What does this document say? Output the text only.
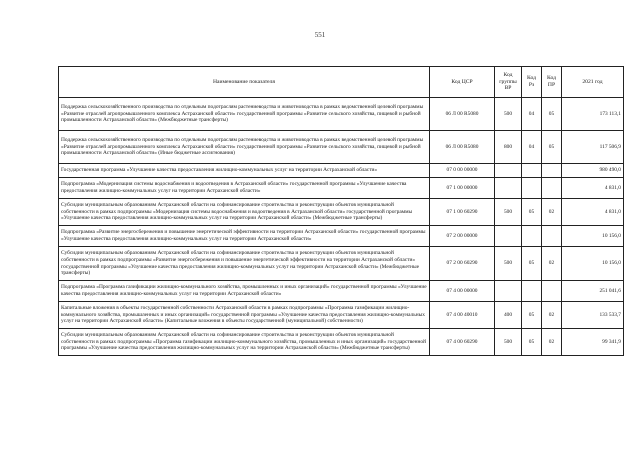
551
Наименование показателя	Код ЦСР	Код группы ВР	Код Рз	Код ПР	2021 год
Поддержка сельскохозяйственного производства по отдельным подотраслям растениеводства и животноводства в рамках ведомственной целевой программы «Развитие отраслей агропромышленного комплекса Астраханской области» государственной программы «Развитие сельского хозяйства, пищевой и рыбной промышленности Астраханской области» (Межбюджетные трансферты)	06 Л 00 R5080	500	04	05	173 113,1
Поддержка сельскохозяйственного производства по отдельным подотраслям растениеводства и животноводства в рамках ведомственной целевой программы «Развитие отраслей агропромышленного комплекса Астраханской области» государственной программы «Развитие сельского хозяйства, пищевой и рыбной промышленности Астраханской области» (Иные бюджетные ассигнования)	06 Л 00 R5080	800	04	05	117 506,9
Государственная программа «Улучшение качества предоставления жилищно-коммунальных услуг на территории Астраханской области»	07 0 00 00000				980 490,0
Подпрограмма «Модернизация системы водоснабжения и водоотведения в Астраханской области» государственной программы «Улучшение качества предоставления жилищно-коммунальных услуг на территории Астраханской области»	07 1 00 00000				4 831,0
Субсидии муниципальным образованиям Астраханской области на софинансирование строительства и реконструкции объектов муниципальной собственности в рамках подпрограммы «Модернизация системы водоснабжения и водоотведения в Астраханской области» государственной программы «Улучшение качества предоставления жилищно-коммунальных услуг на территории Астраханской области» (Межбюджетные трансферты)	07 1 00 60290	500	05	02	4 831,0
Подпрограмма «Развитие энергосбережения и повышение энергетической эффективности на территории Астраханской области» государственной программы «Улучшение качества предоставления жилищно-коммунальных услуг на территории Астраханской области»	07 2 00 00000				10 156,0
Субсидии муниципальным образованиям Астраханской области на софинансирование строительства и реконструкции объектов муниципальной собственности в рамках подпрограммы «Развитие энергосбережения и повышение энергетической эффективности на территории Астраханской области» государственной программы «Улучшение качества предоставления жилищно-коммунальных услуг на территории Астраханской области» (Межбюджетные трансферты)	07 2 00 60290	500	05	02	10 156,0
Подпрограмма «Программа газификации жилищно-коммунального хозяйства, промышленных и иных организаций» государственной программы «Улучшение качества предоставления жилищно-коммунальных услуг на территории Астраханской области»	07 4 00 00000				251 041,6
Капитальные вложения в объекты государственной собственности Астраханской области в рамках подпрограммы «Программа газификации жилищно-коммунального хозяйства, промышленных и иных организаций» государственной программы «Улучшение качества предоставления жилищно-коммунальных услуг на территории Астраханской области» (Капитальные вложения в объекты государственной (муниципальной) собственности)	07 4 00 40010	400	05	02	133 533,7
Субсидии муниципальным образованиям Астраханской области на софинансирование строительства и реконструкции объектов муниципальной собственности в рамках подпрограммы «Программа газификации жилищно-коммунального хозяйства, промышленных и иных организаций» государственной программы «Улучшение качества предоставления жилищно-коммунальных услуг на территории Астраханской области» (Межбюджетные трансферты)	07 4 00 60290	500	05	02	99 341,9
